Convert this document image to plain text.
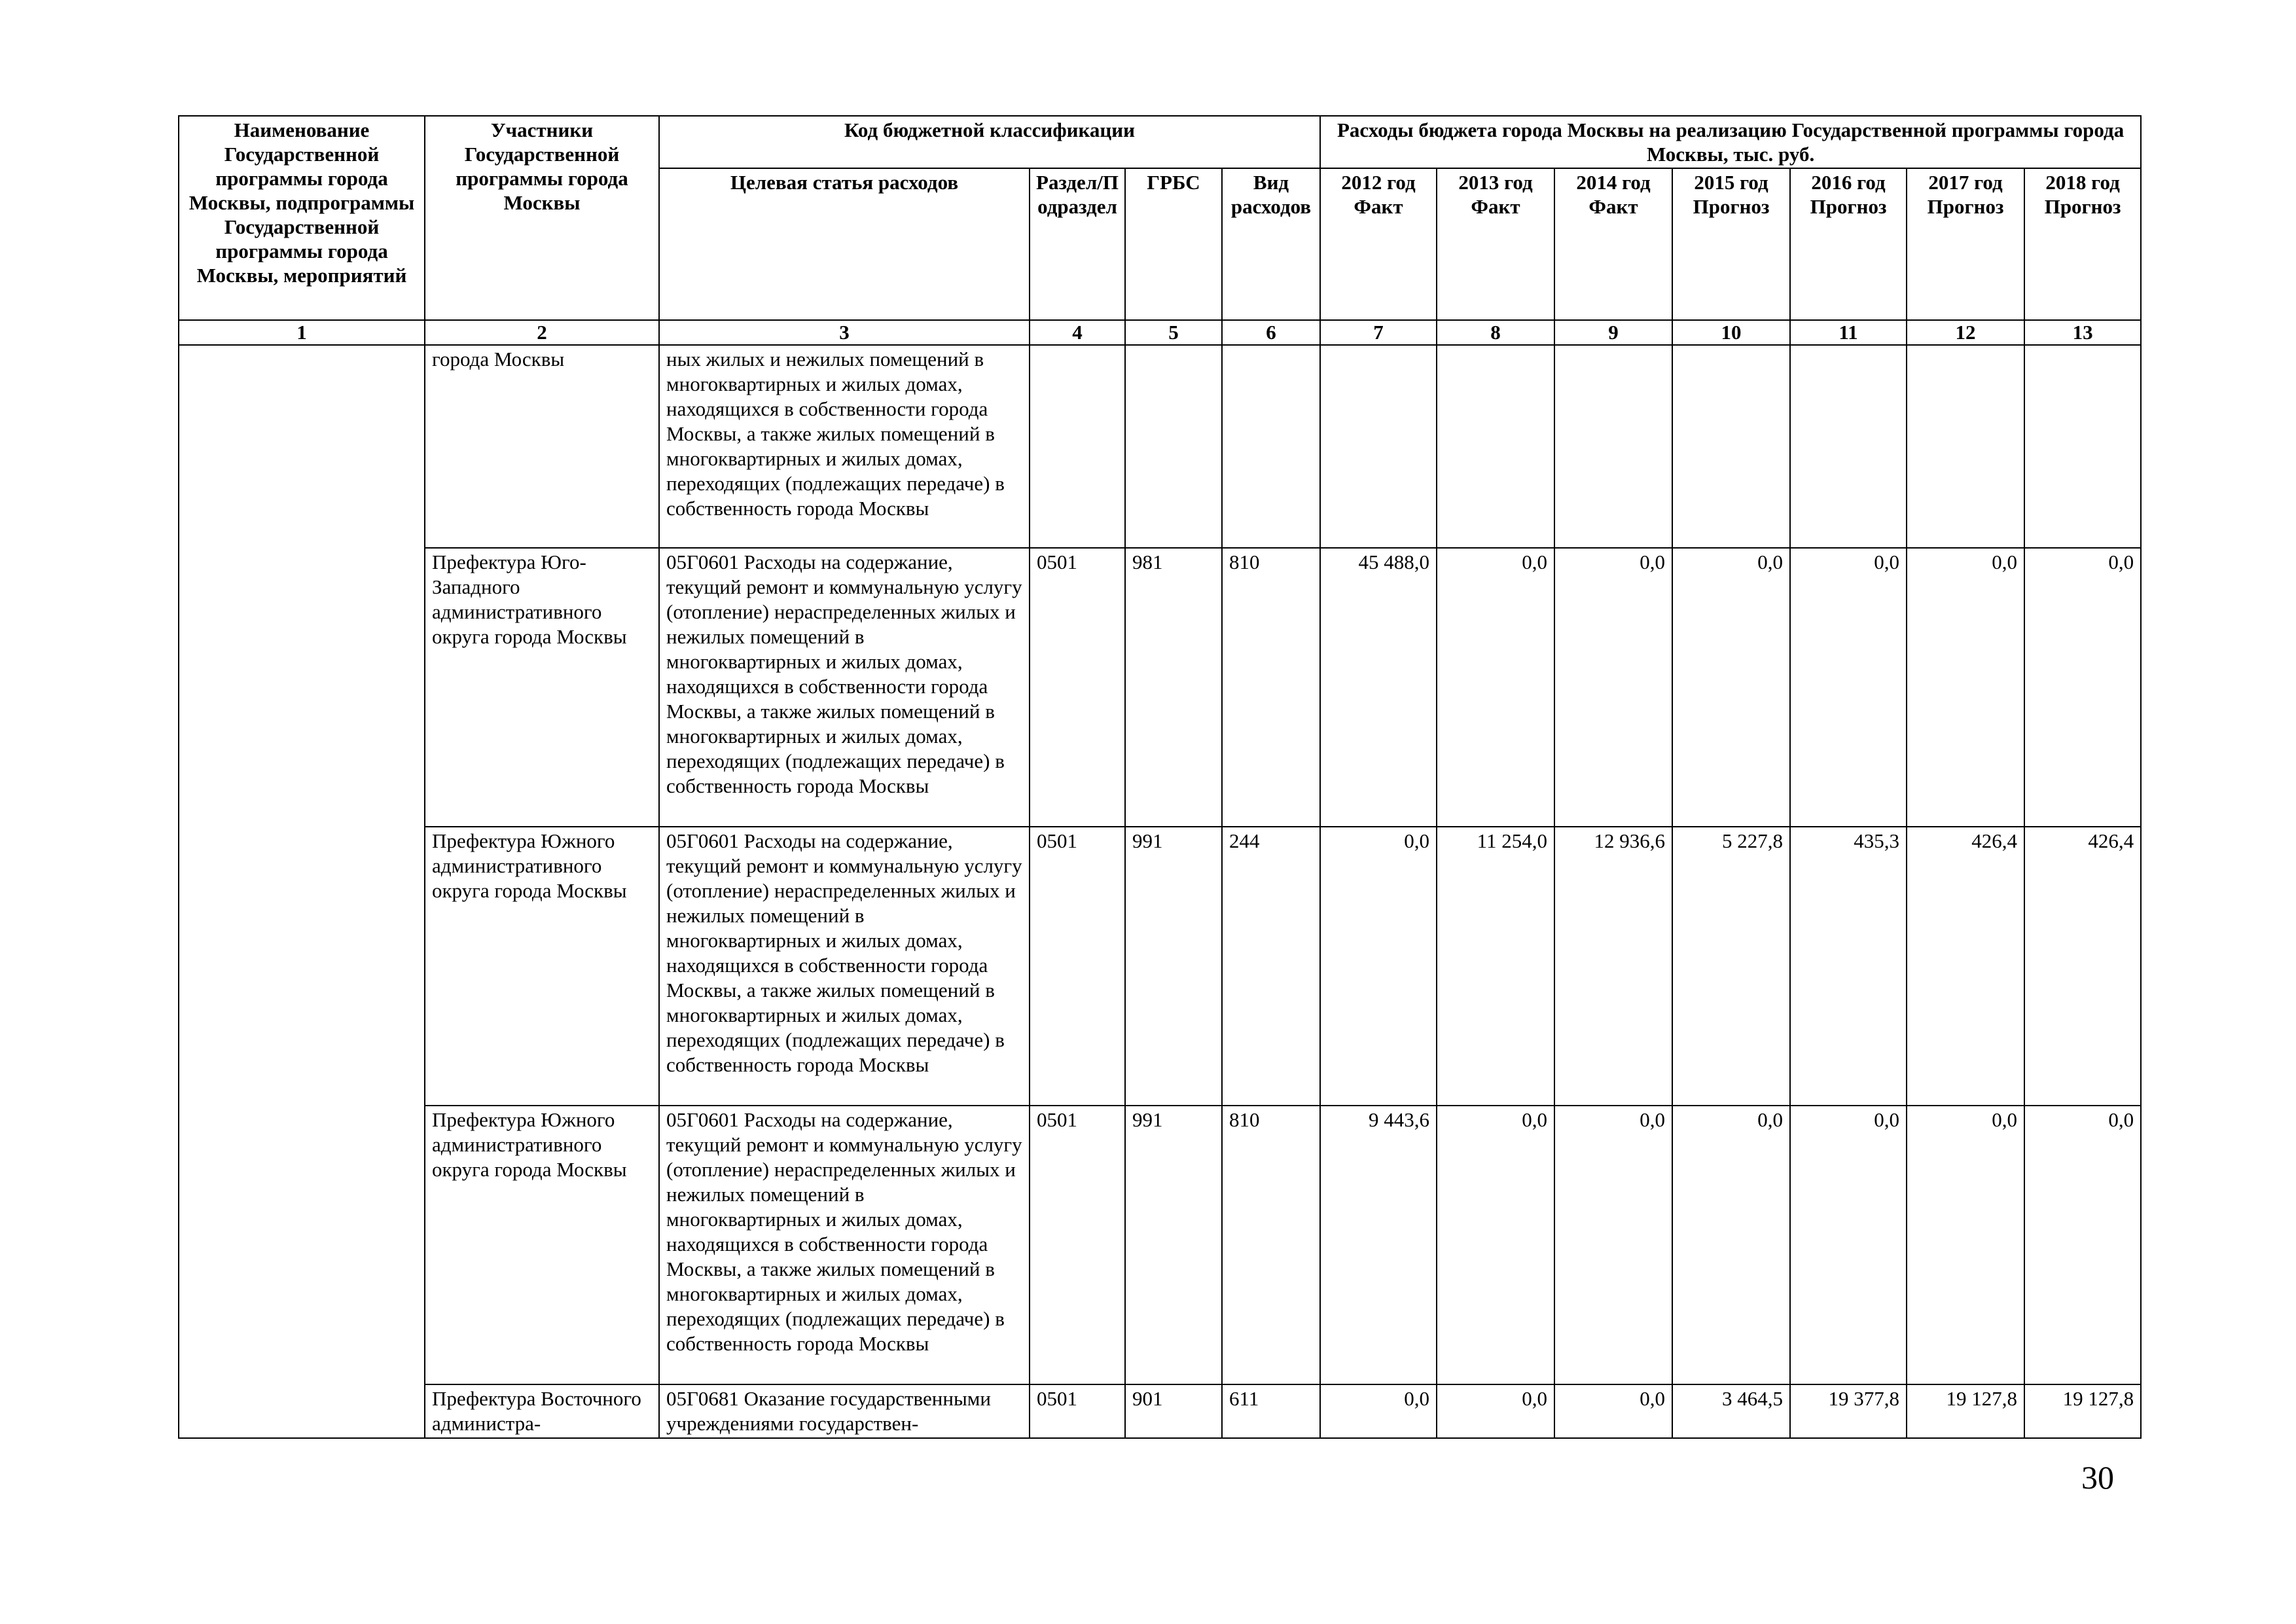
Наименование Государственной программы города Москвы, подпрограммы Государственной программы города Москвы, мероприятий	Участники Государственной программы города Москвы	Код бюджетной классификации				Расходы бюджета города Москвы на реализацию Государственной программы города Москвы, тыс. руб.						
		Целевая статья расходов	Раздел/Подраздел	ГРБС	Вид расходов	2012 год Факт	2013 год Факт	2014 год Факт	2015 год Прогноз	2016 год Прогноз	2017 год Прогноз	2018 год Прогноз
1	2	3	4	5	6	7	8	9	10	11	12	13
	города Москвы	ных жилых и нежилых помещений в многоквартирных и жилых домах, находящихся в собственности города Москвы, а также жилых помещений в многоквартирных и жилых домах, переходящих (подлежащих передаче) в собственность города Москвы										
	Префектура Юго-Западного административного округа города Москвы	05Г0601 Расходы на содержание, текущий ремонт и коммунальную услугу (отопление) нераспределенных жилых и нежилых помещений в многоквартирных и жилых домах, находящихся в собственности города Москвы, а также жилых помещений в многоквартирных и жилых домах, переходящих (подлежащих передаче) в собственность города Москвы	0501	981	810	45 488,0	0,0	0,0	0,0	0,0	0,0	0,0
	Префектура Южного административного округа города Москвы	05Г0601 Расходы на содержание, текущий ремонт и коммунальную услугу (отопление) нераспределенных жилых и нежилых помещений в многоквартирных и жилых домах, находящихся в собственности города Москвы, а также жилых помещений в многоквартирных и жилых домах, переходящих (подлежащих передаче) в собственность города Москвы	0501	991	244	0,0	11 254,0	12 936,6	5 227,8	435,3	426,4	426,4
	Префектура Южного административного округа города Москвы	05Г0601 Расходы на содержание, текущий ремонт и коммунальную услугу (отопление) нераспределенных жилых и нежилых помещений в многоквартирных и жилых домах, находящихся в собственности города Москвы, а также жилых помещений в многоквартирных и жилых домах, переходящих (подлежащих передаче) в собственность города Москвы	0501	991	810	9 443,6	0,0	0,0	0,0	0,0	0,0	0,0
	Префектура Восточного администра-	05Г0681 Оказание государственными учреждениями государствен-	0501	901	611	0,0	0,0	0,0	3 464,5	19 377,8	19 127,8	19 127,8
30
